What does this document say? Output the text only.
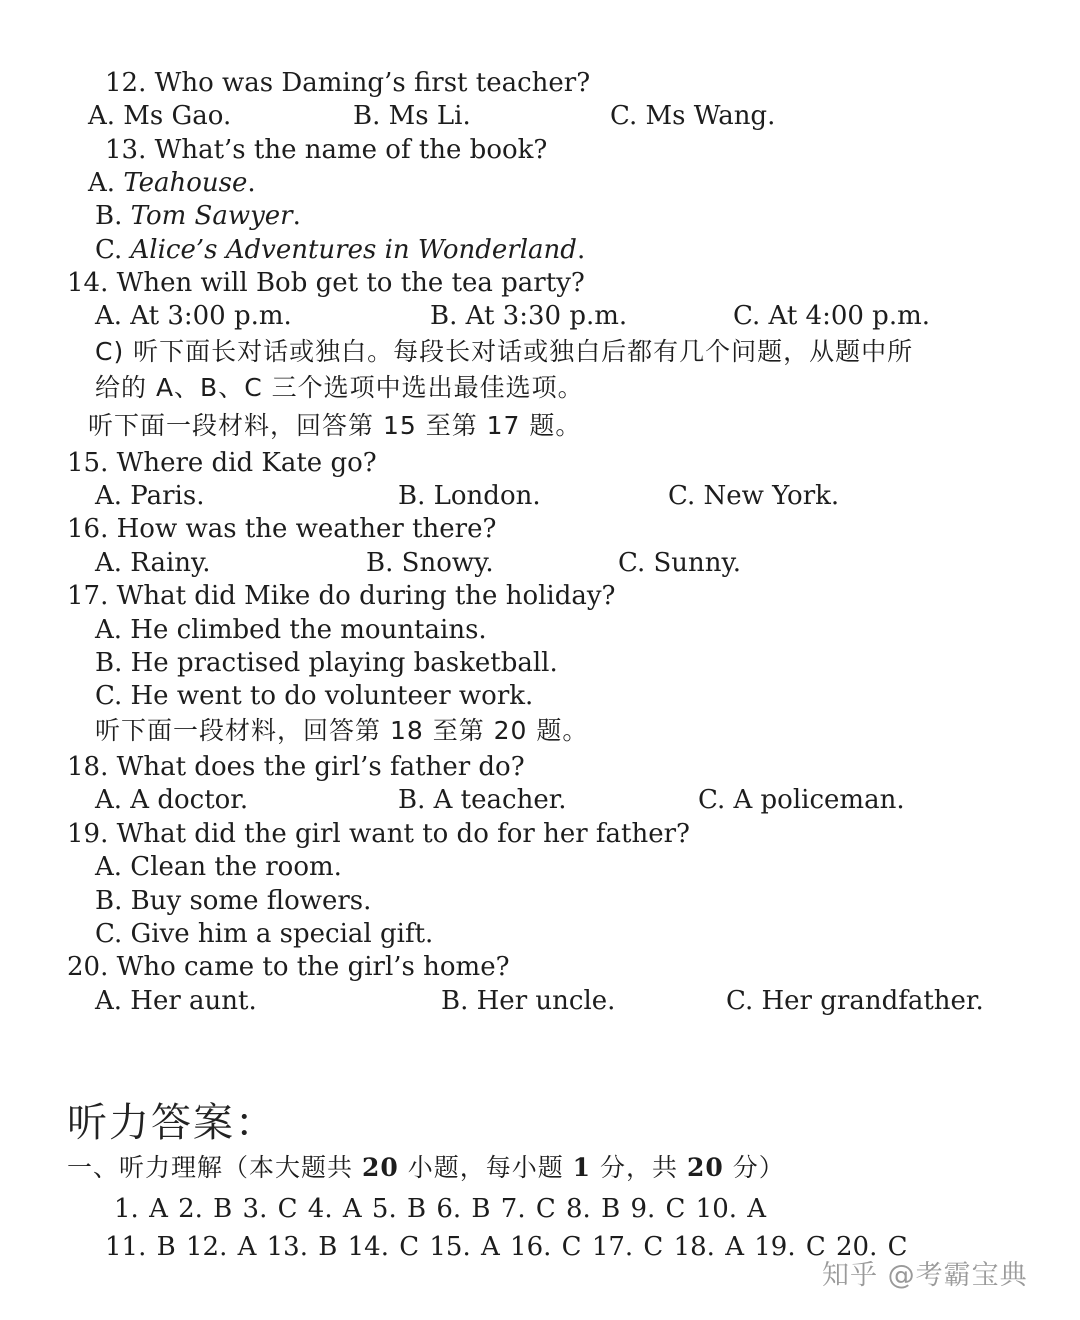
12. Who was Daming’s first teacher?
A. Ms Gao.	B. Ms Li.	C. Ms Wang.
13. What’s the name of the book?
A. Teahouse.
B. Tom Sawyer.
C. Alice’s Adventures in Wonderland.
14. When will Bob get to the tea party?
A. At 3:00 p.m.	B. At 3:30 p.m.	C. At 4:00 p.m.
C) 听下面长对话或独白。每段长对话或独白后都有几个问题，从题中所
给的 A、B、C 三个选项中选出最佳选项。
听下面一段材料，回答第 15 至第 17 题。
15. Where did Kate go?
A. Paris.	B. London.	C. New York.
16. How was the weather there?
A. Rainy.	B. Snowy.	C. Sunny.
17. What did Mike do during the holiday?
A. He climbed the mountains.
B. He practised playing basketball.
C. He went to do volunteer work.
听下面一段材料，回答第 18 至第 20 题。
18. What does the girl’s father do?
A. A doctor.	B. A teacher.	C. A policeman.
19. What did the girl want to do for her father?
A. Clean the room.
B. Buy some flowers.
C. Give him a special gift.
20. Who came to the girl’s home?
A. Her aunt.	B. Her uncle.	C. Her grandfather.
听力答案：
一、听力理解（本大题共 20 小题，每小题 1 分，共 20 分）
1. A 2. B 3. C 4. A 5. B 6. B 7. C 8. B 9. C 10. A
11. B 12. A 13. B 14. C 15. A 16. C 17. C 18. A 19. C 20. C
知乎 @考霸宝典
